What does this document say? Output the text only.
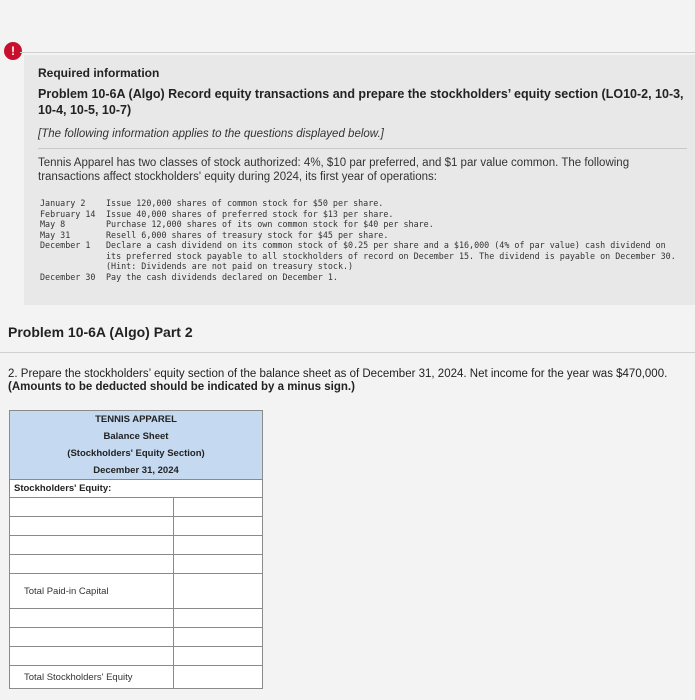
!
Required information
Problem 10-6A (Algo) Record equity transactions and prepare the stockholders’ equity section (LO10-2, 10-3, 10-4, 10-5, 10-7)
[The following information applies to the questions displayed below.]
Tennis Apparel has two classes of stock authorized: 4%, $10 par preferred, and $1 par value common. The following transactions affect stockholders' equity during 2024, its first year of operations:
January 2	Issue 120,000 shares of common stock for $50 per share.
February 14	Issue 40,000 shares of preferred stock for $13 per share.
May 8	Purchase 12,000 shares of its own common stock for $40 per share.
May 31	Resell 6,000 shares of treasury stock for $45 per share.
December 1	Declare a cash dividend on its common stock of $0.25 per share and a $16,000 (4% of par value) cash dividend on its preferred stock payable to all stockholders of record on December 15. The dividend is payable on December 30. (Hint: Dividends are not paid on treasury stock.)
December 30	Pay the cash dividends declared on December 1.
Problem 10-6A (Algo) Part 2
2. Prepare the stockholders’ equity section of the balance sheet as of December 31, 2024. Net income for the year was $470,000.
(Amounts to be deducted should be indicated by a minus sign.)
TENNIS APPAREL	
Balance Sheet	
(Stockholders' Equity Section)	
December 31, 2024	
Stockholders' Equity:	

Total Paid-in Capital	

Total Stockholders' Equity	
